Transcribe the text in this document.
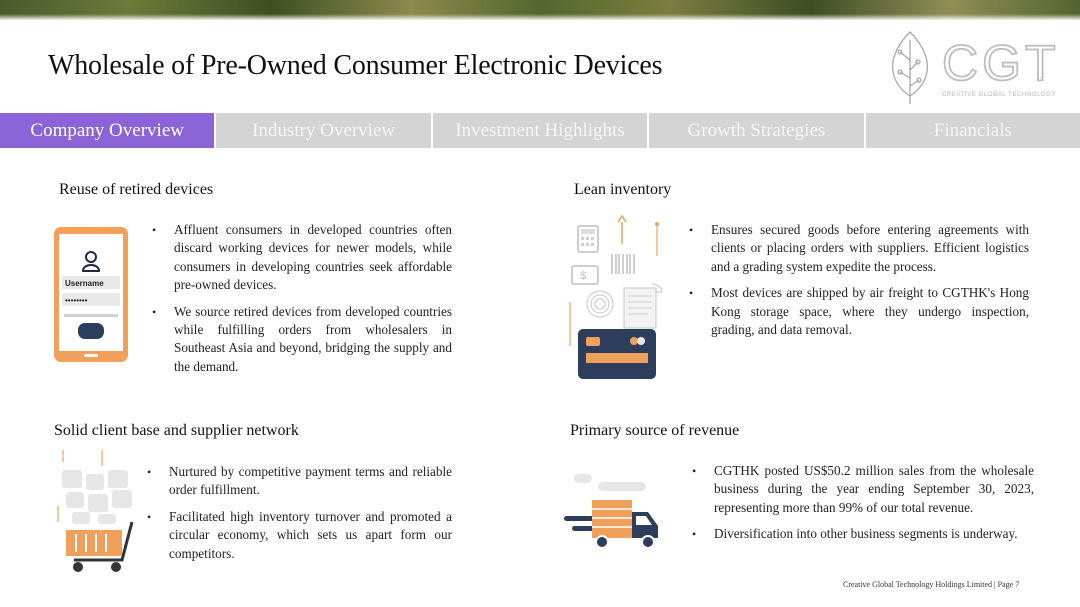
Wholesale of Pre-Owned Consumer Electronic Devices	CGT
CREATIVE GLOBAL TECHNOLOGY
Company Overview	Industry Overview	Investment Highlights	Growth Strategies	Financials
Reuse of retired devices
Username
••••••••
• Affluent consumers in developed countries often discard working devices for newer models, while consumers in developing countries seek affordable pre-owned devices.
• We source retired devices from developed countries while fulfilling orders from wholesalers in Southeast Asia and beyond, bridging the supply and the demand.
Lean inventory
$
• Ensures secured goods before entering agreements with clients or placing orders with suppliers. Efficient logistics and a grading system expedite the process.
• Most devices are shipped by air freight to CGTHK's Hong Kong storage space, where they undergo inspection, grading, and data removal.
Solid client base and supplier network
• Nurtured by competitive payment terms and reliable order fulfillment.
• Facilitated high inventory turnover and promoted a circular economy, which sets us apart form our competitors.
Primary source of revenue
• CGTHK posted US$50.2 million sales from the wholesale business during the year ending September 30, 2023, representing more than 99% of our total revenue.
• Diversification into other business segments is underway.
Creative Global Technology Holdings Limited | Page 7
